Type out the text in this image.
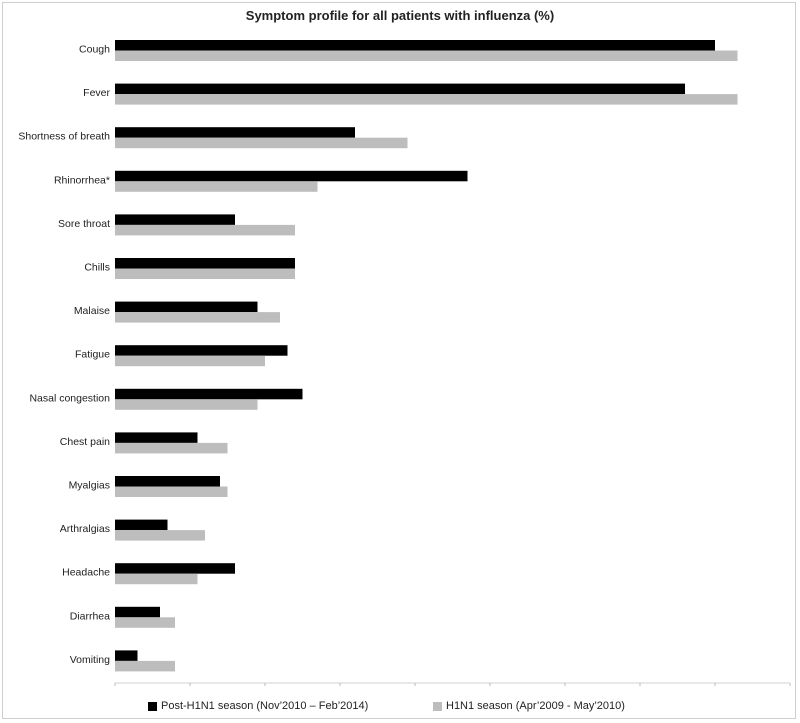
Symptom profile for all patients with influenza (%)
Cough
Fever
Shortness of breath
Rhinorrhea*
Sore throat
Chills
Malaise
Fatigue
Nasal congestion
Chest pain
Myalgias
Arthralgias
Headache
Diarrhea
Vomiting
Post-H1N1 season (Nov’2010 – Feb’2014)	H1N1 season (Apr’2009 - May’2010)
